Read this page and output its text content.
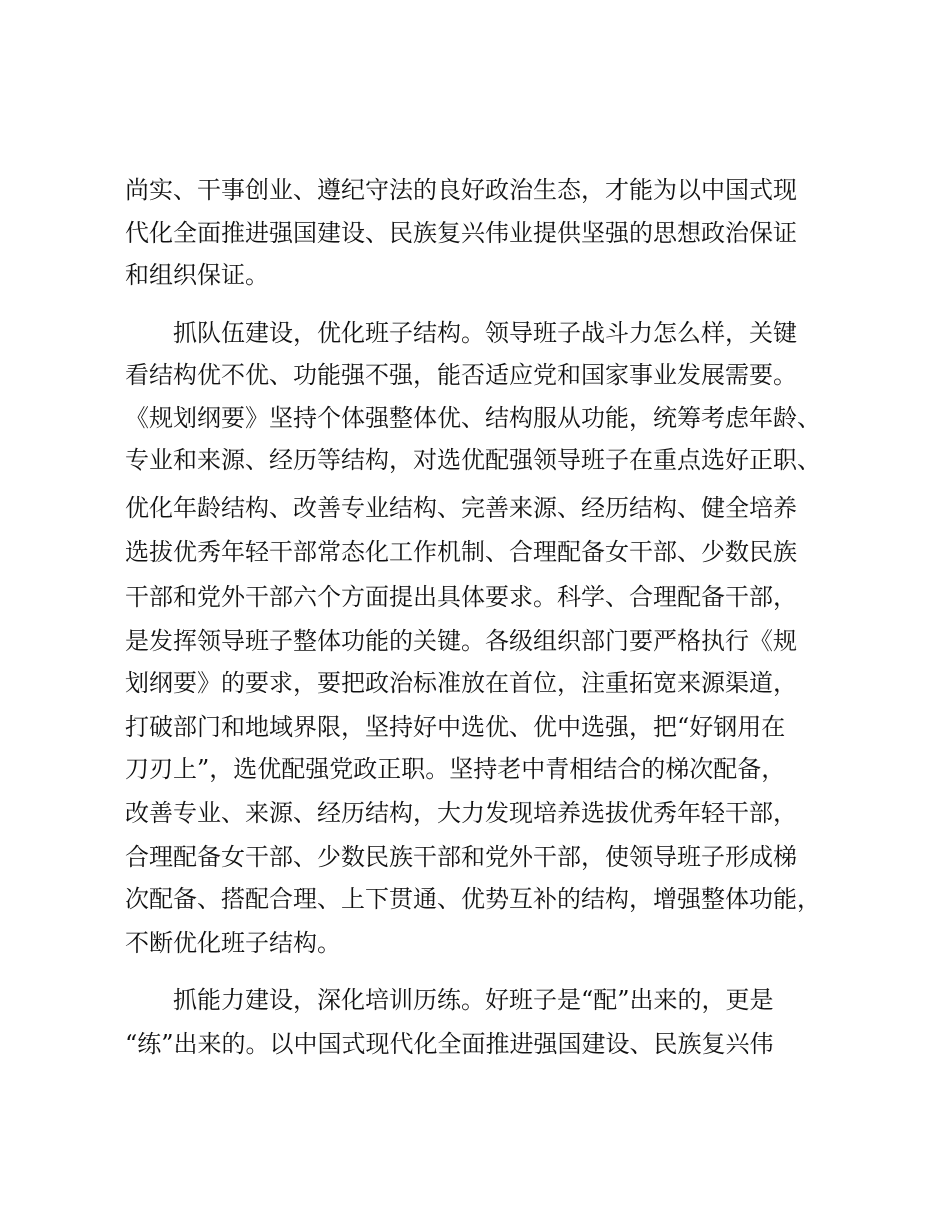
尚实、干事创业、遵纪守法的良好政治生态，才能为以中国式现

代化全面推进强国建设、民族复兴伟业提供坚强的思想政治保证

和组织保证。

抓队伍建设，优化班子结构。领导班子战斗力怎么样，关键

看结构优不优、功能强不强，能否适应党和国家事业发展需要。

《规划纲要》坚持个体强整体优、结构服从功能，统筹考虑年龄、

专业和来源、经历等结构，对选优配强领导班子在重点选好正职、

优化年龄结构、改善专业结构、完善来源、经历结构、健全培养

选拔优秀年轻干部常态化工作机制、合理配备女干部、少数民族

干部和党外干部六个方面提出具体要求。科学、合理配备干部，

是发挥领导班子整体功能的关键。各级组织部门要严格执行《规

划纲要》的要求，要把政治标准放在首位，注重拓宽来源渠道，

打破部门和地域界限，坚持好中选优、优中选强，把“好钢用在

刀刃上”，选优配强党政正职。坚持老中青相结合的梯次配备，

改善专业、来源、经历结构，大力发现培养选拔优秀年轻干部，

合理配备女干部、少数民族干部和党外干部，使领导班子形成梯

次配备、搭配合理、上下贯通、优势互补的结构，增强整体功能，

不断优化班子结构。

抓能力建设，深化培训历练。好班子是“配”出来的，更是

“练”出来的。以中国式现代化全面推进强国建设、民族复兴伟
